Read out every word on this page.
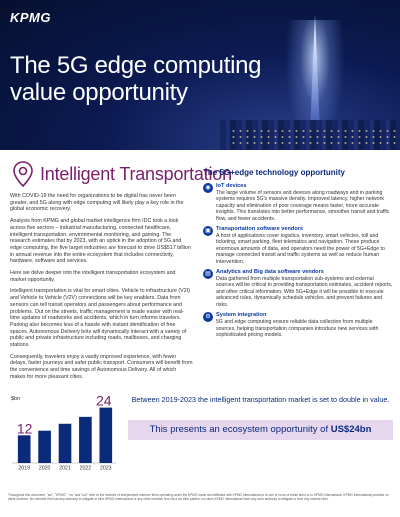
KPMG
The 5G edge computing value opportunity
Intelligent Transportation

With COVID-19 the need for organizations to be digital has never been greater, and 5G along with edge computing will likely play a key role in the global economic recovery.

Analysis from KPMG and global market intelligence firm IDC took a look across five sectors – industrial manufacturing, connected healthcare, intelligent transportation, environmental monitoring, and gaming. The research estimates that by 2023, with an uptick in the adoption of 5G and edge computing, the five target industries are forecast to drive US$517 billion in annual revenue into the entire ecosystem that includes connectivity, hardware, software and services.

Here we delve deeper into the intelligent transportation ecosystem and market opportunity.

Intelligent transportation is vital for smart cities. Vehicle to infrastructure (V2I) and Vehicle to Vehicle (V2V) connections will be key enablers. Data from sensors can tell transit operators and passengers about performance and problems. Out on the streets, traffic management is made easier with real-time updates of roadworks and accidents, which in turn informs travelers. Parking also becomes less of a hassle with instant identification of free spaces. Autonomous Delivery bots will dynamically interact with a variety of public and private infrastructure including roads, mailboxes, and charging stations.

Consequently, travelers enjoy a vastly improved experience, with fewer delays, faster journeys and safer public transport. Consumers will benefit from the convenience and time savings of Autonomous Delivery. All of which makes for more pleasant cities.

The 5G+edge technology opportunity
◉ IoT devices
The large volume of sensors and devices along roadways and in parking systems requires 5G's massive density. Improved latency, higher network capacity and elimination of poor coverage means faster, more accurate insights. This translates into better performance, smoother transit and traffic flow, and fewer accidents.
▣ Transportation software vendors
A host of applications cover logistics, inventory, smart vehicles, toll and ticketing, smart parking, fleet telematics and navigation. These produce enormous amounts of data, and operators need the power of 5G+Edge to manage connected transit and traffic systems as well as reduce human intervention.
▤ Analytics and Big data software vendors
Data gathered from multiple transportation sub-systems and external sources will be critical to providing transportation estimates, accident reports, and other critical information. With 5G+Edge it will be possible to execute advanced rules, dynamically schedule vehicles, and prevent failures and risks.
⚙ System integration
5G and edge computing ensure reliable data collection from multiple sources, helping transportation companies introduce new services with sophisticated pricing models.
$bn
2019
12
2020 2021 2022 2023
24	Between 2019-2023 the intelligent transportation market is set to double in value.
This presents an ecosystem opportunity of US$24bn
Throughout this document, "we", "KPMG", "us" and "our" refer to the network of independent member firms operating under the KPMG name and affiliated with KPMG International or to one or more of these firms or to KPMG International. KPMG International provides no client services. No member firm has any authority to obligate or bind KPMG International or any other member firm vis-à-vis third parties, nor does KPMG International have any such authority to obligate or bind any member firm.
